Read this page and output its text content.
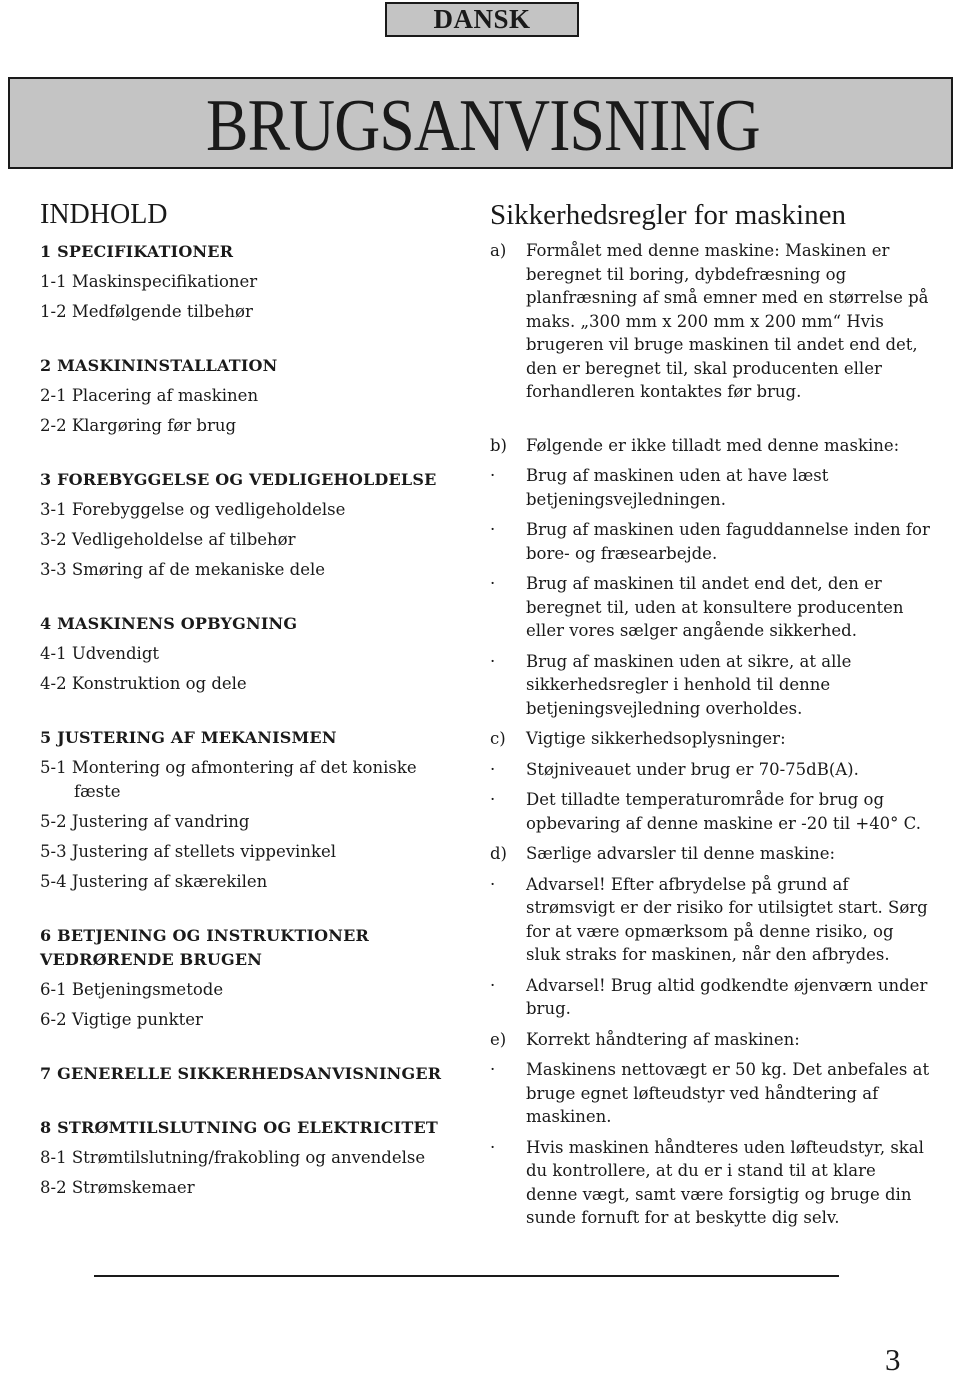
DANSK
BRUGSANVISNING
INDHOLD
1 SPECIFIKATIONER
1-1 Maskinspecifikationer
1-2 Medfølgende tilbehør
2 MASKININSTALLATION
2-1 Placering af maskinen
2-2 Klargøring før brug
3 FOREBYGGELSE OG VEDLIGEHOLDELSE
3-1 Forebyggelse og vedligeholdelse
3-2 Vedligeholdelse af tilbehør
3-3 Smøring af de mekaniske dele
4 MASKINENS OPBYGNING
4-1 Udvendigt
4-2 Konstruktion og dele
5 JUSTERING AF MEKANISMEN
5-1 Montering og afmontering af det koniske fæste
5-2 Justering af vandring
5-3 Justering af stellets vippevinkel
5-4 Justering af skærekilen
6 BETJENING OG INSTRUKTIONER VEDRØRENDE BRUGEN
6-1 Betjeningsmetode
6-2 Vigtige punkter
7 GENERELLE SIKKERHEDSANVISNINGER
8 STRØMTILSLUTNING OG ELEKTRICITET
8-1 Strømtilslutning/frakobling og anvendelse
8-2 Strømskemaer
Sikkerhedsregler for maskinen
a) Formålet med denne maskine: Maskinen er beregnet til boring, dybdefræsning og planfræsning af små emner med en størrelse på maks. „300 mm x 200 mm x 200 mm“ Hvis brugeren vil bruge maskinen til andet end det, den er beregnet til, skal producenten eller forhandleren kontaktes før brug.
b) Følgende er ikke tilladt med denne maskine:
· Brug af maskinen uden at have læst betjeningsvejledningen.
· Brug af maskinen uden faguddannelse inden for bore- og fræsearbejde.
· Brug af maskinen til andet end det, den er beregnet til, uden at konsultere producenten eller vores sælger angående sikkerhed.
· Brug af maskinen uden at sikre, at alle sikkerhedsregler i henhold til denne betjeningsvejledning overholdes.
c) Vigtige sikkerhedsoplysninger:
· Støjniveauet under brug er 70-75dB(A).
· Det tilladte temperaturområde for brug og opbevaring af denne maskine er -20 til +40° C.
d) Særlige advarsler til denne maskine:
· Advarsel! Efter afbrydelse på grund af strømsvigt er der risiko for utilsigtet start. Sørg for at være opmærksom på denne risiko, og sluk straks for maskinen, når den afbrydes.
· Advarsel! Brug altid godkendte øjenværn under brug.
e) Korrekt håndtering af maskinen:
· Maskinens nettovægt er 50 kg. Det anbefales at bruge egnet løfteudstyr ved håndtering af maskinen.
· Hvis maskinen håndteres uden løfteudstyr, skal du kontrollere, at du er i stand til at klare denne vægt, samt være forsigtig og bruge din sunde fornuft for at beskytte dig selv.
3
